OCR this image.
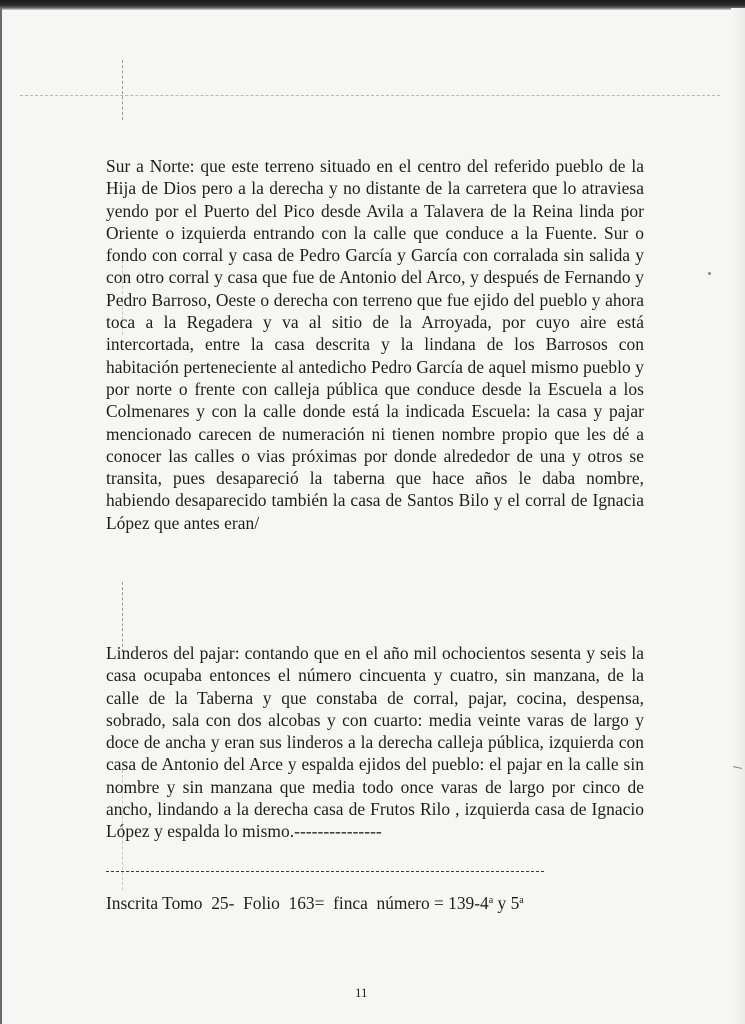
Sur a Norte: que este terreno situado en el centro del referido pueblo de la Hija de Dios pero a la derecha y no distante de la carretera que lo atraviesa yendo por el Puerto del Pico desde Avila a Talavera de la Reina linda por Oriente o izquierda entrando con la calle que conduce a la Fuente. Sur o fondo con corral y casa de Pedro García y García con corralada sin salida y con otro corral y casa que fue de Antonio del Arco, y después de Fernando y Pedro Barroso, Oeste o derecha con terreno que fue ejido del pueblo y ahora toca a la Regadera y va al sitio de la Arroyada, por cuyo aire está intercortada, entre la casa descrita y la lindana de los Barrosos con habitación perteneciente al antedicho Pedro García de aquel mismo pueblo y por norte o frente con calleja pública que conduce desde la Escuela a los Colmenares y con la calle donde está la indicada Escuela: la casa y pajar mencionado carecen de numeración ni tienen nombre propio que les dé a conocer las calles o vias próximas por donde alrededor de una y otros se transita, pues desapareció la taberna que hace años le daba nombre, habiendo desaparecido también la casa de Santos Bilo y el corral de Ignacia López que antes eran/

Linderos del pajar: contando que en el año mil ochocientos sesenta y seis la casa ocupaba entonces el número cincuenta y cuatro, sin manzana, de la calle de la Taberna y que constaba de corral, pajar, cocina, despensa, sobrado, sala con dos alcobas y con cuarto: media veinte varas de largo y doce de ancha y eran sus linderos a la derecha calleja pública, izquierda con casa de Antonio del Arce y espalda ejidos del pueblo: el pajar en la calle sin nombre y sin manzana que media todo once varas de largo por cinco de ancho, lindando a la derecha casa de Frutos Rilo , izquierda casa de Ignacio López y espalda lo mismo.---------------

Inscrita Tomo  25-  Folio  163=  finca  número = $139-4^a$ y 5$^a$
11
